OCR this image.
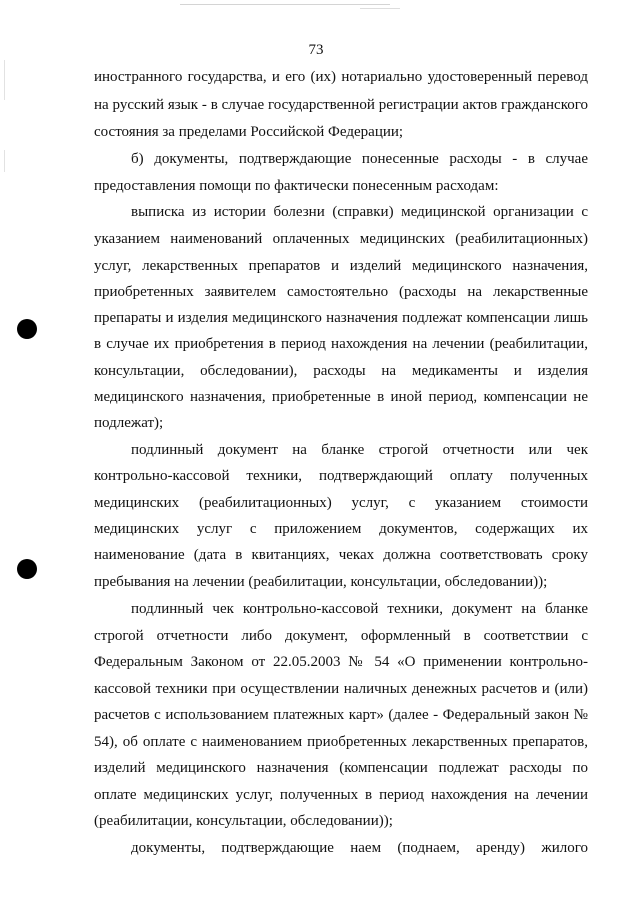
73
иностранного государства, и его (их) нотариально удостоверенный перевод
на русский язык - в случае государственной регистрации актов гражданского
состояния за пределами Российской Федерации;
б) документы, подтверждающие понесенные расходы - в случае
предоставления помощи по фактически понесенным расходам:
выписка из истории болезни (справки) медицинской организации с
указанием наименований оплаченных медицинских (реабилитационных)
услуг, лекарственных препаратов и изделий медицинского назначения,
приобретенных заявителем самостоятельно (расходы на лекарственные
препараты и изделия медицинского назначения подлежат компенсации лишь
в случае их приобретения в период нахождения на лечении (реабилитации,
консультации, обследовании), расходы на медикаменты и изделия
медицинского назначения, приобретенные в иной период, компенсации не
подлежат);
подлинный документ на бланке строгой отчетности или чек
контрольно-кассовой техники, подтверждающий оплату полученных
медицинских (реабилитационных) услуг, с указанием стоимости
медицинских услуг с приложением документов, содержащих их
наименование (дата в квитанциях, чеках должна соответствовать сроку
пребывания на лечении (реабилитации, консультации, обследовании));
подлинный чек контрольно-кассовой техники, документ на бланке
строгой отчетности либо документ, оформленный в соответствии с
Федеральным Законом от 22.05.2003 № 54 «О применении контрольно-
кассовой техники при осуществлении наличных денежных расчетов и (или)
расчетов с использованием платежных карт» (далее - Федеральный закон №
54), об оплате с наименованием приобретенных лекарственных препаратов,
изделий медицинского назначения (компенсации подлежат расходы по
оплате медицинских услуг, полученных в период нахождения на лечении
(реабилитации, консультации, обследовании));
документы, подтверждающие наем (поднаем, аренду) жилого
